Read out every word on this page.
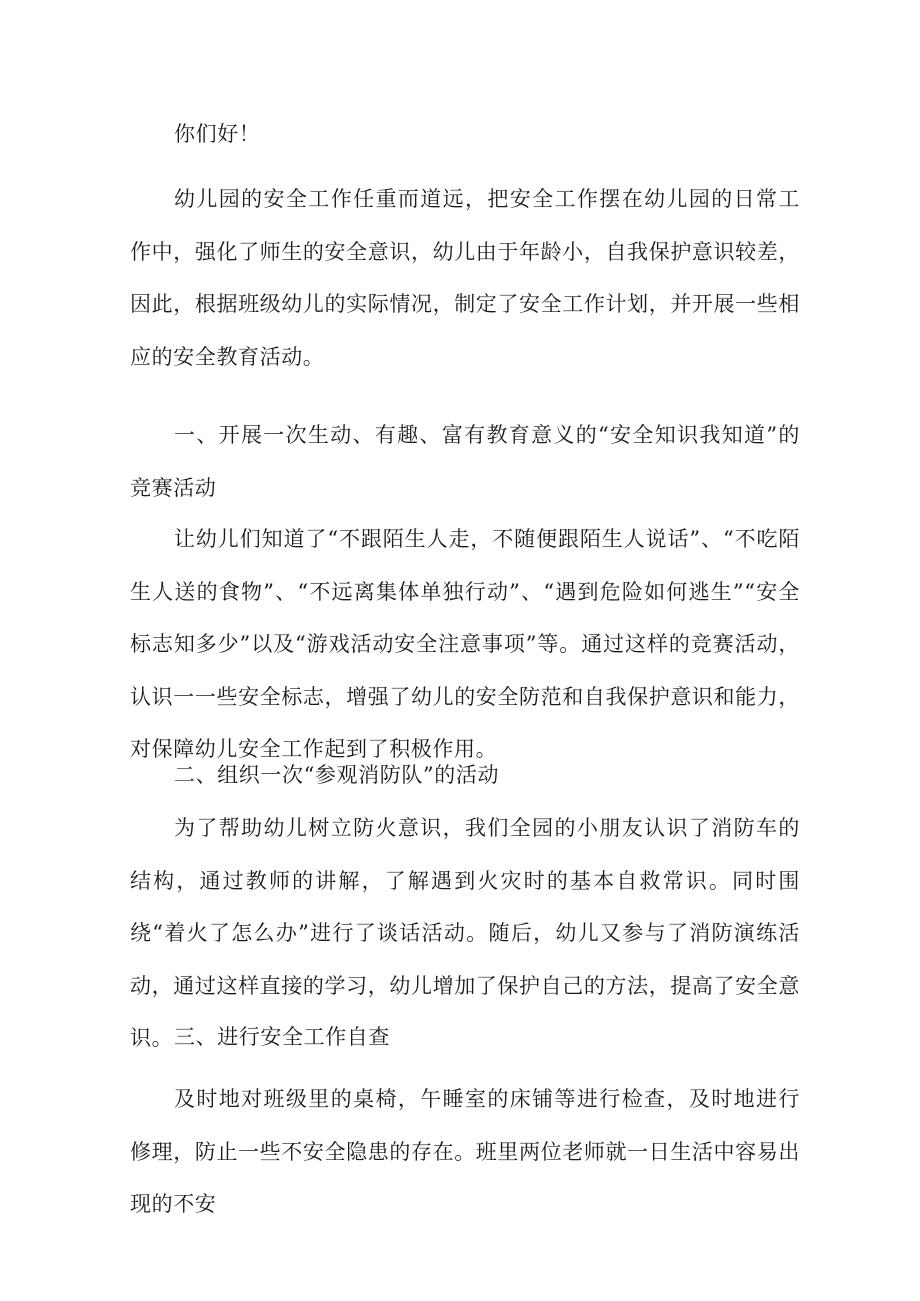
你们好！

幼儿园的安全工作任重而道远，把安全工作摆在幼儿园的日常工作中，强化了师生的安全意识，幼儿由于年龄小，自我保护意识较差，因此，根据班级幼儿的实际情况，制定了安全工作计划，并开展一些相应的安全教育活动。

一、开展一次生动、有趣、富有教育意义的“安全知识我知道”的竞赛活动

让幼儿们知道了“不跟陌生人走，不随便跟陌生人说话”、“不吃陌生人送的食物”、“不远离集体单独行动”、“遇到危险如何逃生”“安全标志知多少”以及“游戏活动安全注意事项”等。通过这样的竞赛活动，认识一一些安全标志，增强了幼儿的安全防范和自我保护意识和能力，对保障幼儿安全工作起到了积极作用。

二、组织一次“参观消防队”的活动

为了帮助幼儿树立防火意识，我们全园的小朋友认识了消防车的结构，通过教师的讲解，了解遇到火灾时的基本自救常识。同时围绕“着火了怎么办”进行了谈话活动。随后，幼儿又参与了消防演练活动，通过这样直接的学习，幼儿增加了保护自己的方法，提高了安全意识。 三、进行安全工作自查

及时地对班级里的桌椅，午睡室的床铺等进行检查，及时地进行修理，防止一些不安全隐患的存在。班里两位老师就一日生活中容易出现的不安
